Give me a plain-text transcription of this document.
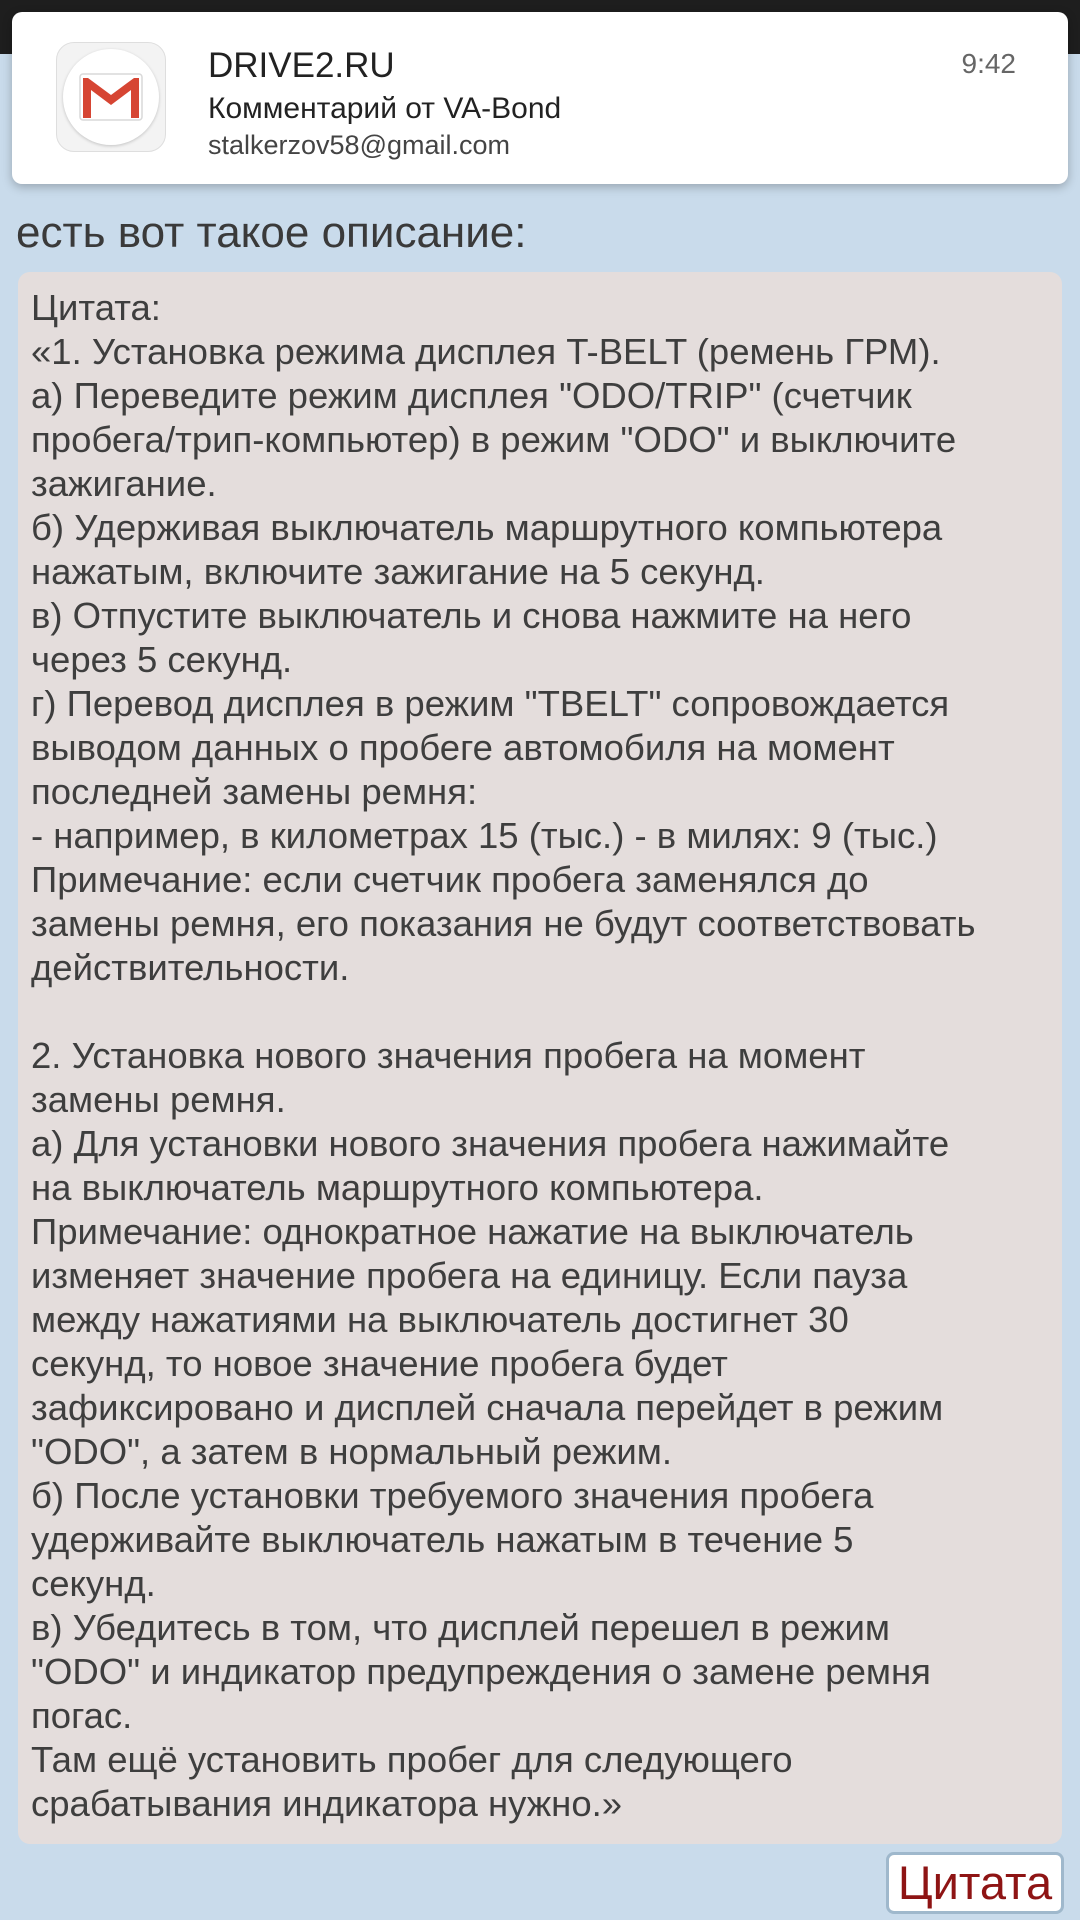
DRIVE2.RU
Комментарий от VA-Bond
stalkerzov58@gmail.com
9:42
есть вот такое описание:
Цитата:
«1. Установка режима дисплея T-BELT (ремень ГРМ).
а) Переведите режим дисплея "ODO/TRIP" (счетчик
пробега/трип-компьютер) в режим "ODO" и выключите
зажигание.
б) Удерживая выключатель маршрутного компьютера
нажатым, включите зажигание на 5 секунд.
в) Отпустите выключатель и снова нажмите на него
через 5 секунд.
г) Перевод дисплея в режим "TBELT" сопровождается
выводом данных о пробеге автомобиля на момент
последней замены ремня:
- например, в километрах 15 (тыс.) - в милях: 9 (тыс.)
Примечание: если счетчик пробега заменялся до
замены ремня, его показания не будут соответствовать
действительности.
2. Установка нового значения пробега на момент
замены ремня.
а) Для установки нового значения пробега нажимайте
на выключатель маршрутного компьютера.
Примечание: однократное нажатие на выключатель
изменяет значение пробега на единицу. Если пауза
между нажатиями на выключатель достигнет 30
секунд, то новое значение пробега будет
зафиксировано и дисплей сначала перейдет в режим
"ODO", а затем в нормальный режим.
б) После установки требуемого значения пробега
удерживайте выключатель нажатым в течение 5
секунд.
в) Убедитесь в том, что дисплей перешел в режим
"ODO" и индикатор предупреждения о замене ремня
погас.
Там ещё установить пробег для следующего
срабатывания индикатора нужно.»
Цитата
